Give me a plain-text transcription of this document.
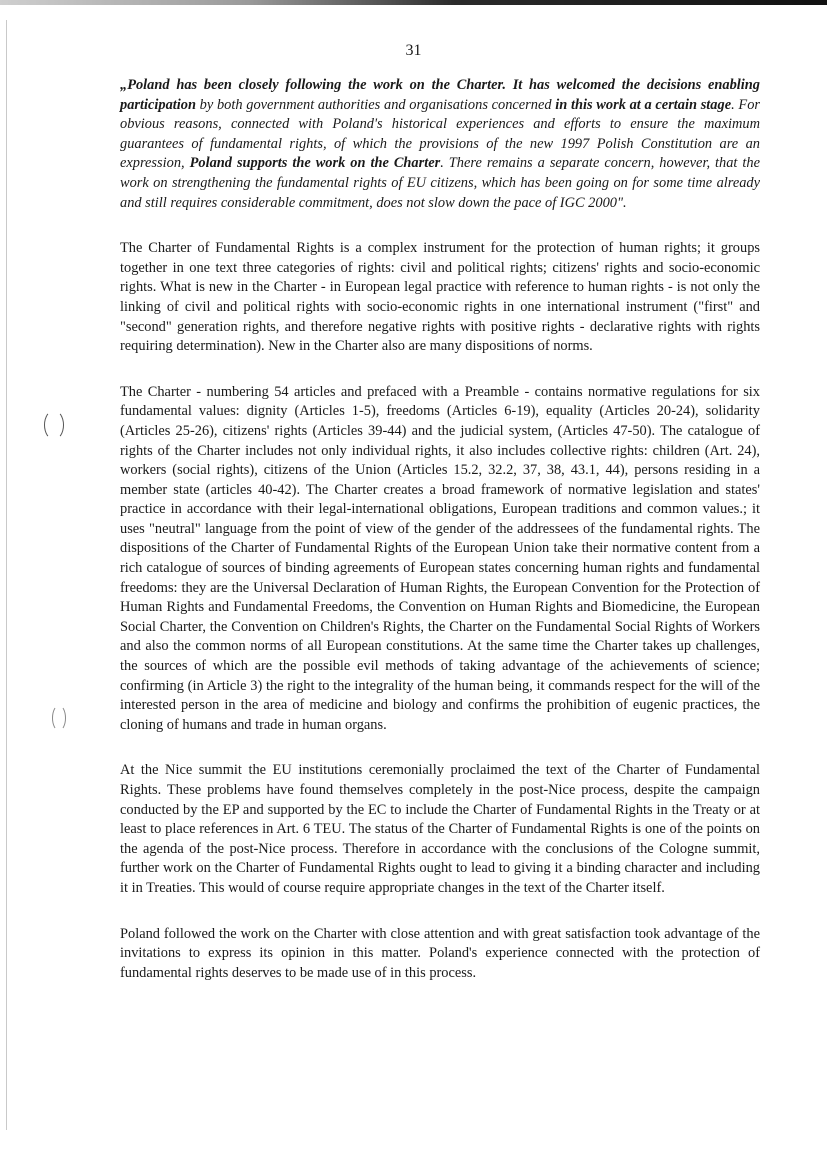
31

„Poland has been closely following the work on the Charter. It has welcomed the decisions enabling participation by both government authorities and organisations concerned in this work at a certain stage. For obvious reasons, connected with Poland's historical experiences and efforts to ensure the maximum guarantees of fundamental rights, of which the provisions of the new 1997 Polish Constitution are an expression, Poland supports the work on the Charter. There remains a separate concern, however, that the work on strengthening the fundamental rights of EU citizens, which has been going on for some time already and still requires considerable commitment, does not slow down the pace of IGC 2000".

The Charter of Fundamental Rights is a complex instrument for the protection of human rights; it groups together in one text three categories of rights: civil and political rights; citizens' rights and socio-economic rights. What is new in the Charter - in European legal practice with reference to human rights - is not only the linking of civil and political rights with socio-economic rights in one international instrument ("first" and "second" generation rights, and therefore negative rights with positive rights - declarative rights with rights requiring determination). New in the Charter also are many dispositions of norms.

The Charter - numbering 54 articles and prefaced with a Preamble - contains normative regulations for six fundamental values: dignity (Articles 1-5), freedoms (Articles 6-19), equality (Articles 20-24), solidarity (Articles 25-26), citizens' rights (Articles 39-44) and the judicial system, (Articles 47-50). The catalogue of rights of the Charter includes not only individual rights, it also includes collective rights: children (Art. 24), workers (social rights), citizens of the Union (Articles 15.2, 32.2, 37, 38, 43.1, 44), persons residing in a member state (articles 40-42). The Charter creates a broad framework of normative legislation and states' practice in accordance with their legal-international obligations, European traditions and common values.; it uses "neutral" language from the point of view of the gender of the addressees of the fundamental rights. The dispositions of the Charter of Fundamental Rights of the European Union take their normative content from a rich catalogue of sources of binding agreements of European states concerning human rights and fundamental freedoms: they are the Universal Declaration of Human Rights, the European Convention for the Protection of Human Rights and Fundamental Freedoms, the Convention on Human Rights and Biomedicine, the European Social Charter, the Convention on Children's Rights, the Charter on the Fundamental Social Rights of Workers and also the common norms of all European constitutions. At the same time the Charter takes up challenges, the sources of which are the possible evil methods of taking advantage of the achievements of science; confirming (in Article 3) the right to the integrality of the human being, it commands respect for the will of the interested person in the area of medicine and biology and confirms the prohibition of eugenic practices, the cloning of humans and trade in human organs.

At the Nice summit the EU institutions ceremonially proclaimed the text of the Charter of Fundamental Rights. These problems have found themselves completely in the post-Nice process, despite the campaign conducted by the EP and supported by the EC to include the Charter of Fundamental Rights in the Treaty or at least to place references in Art. 6 TEU. The status of the Charter of Fundamental Rights is one of the points on the agenda of the post-Nice process. Therefore in accordance with the conclusions of the Cologne summit, further work on the Charter of Fundamental Rights ought to lead to giving it a binding character and including it in Treaties. This would of course require appropriate changes in the text of the Charter itself.

Poland followed the work on the Charter with close attention and with great satisfaction took advantage of the invitations to express its opinion in this matter. Poland's experience connected with the protection of fundamental rights deserves to be made use of in this process.
